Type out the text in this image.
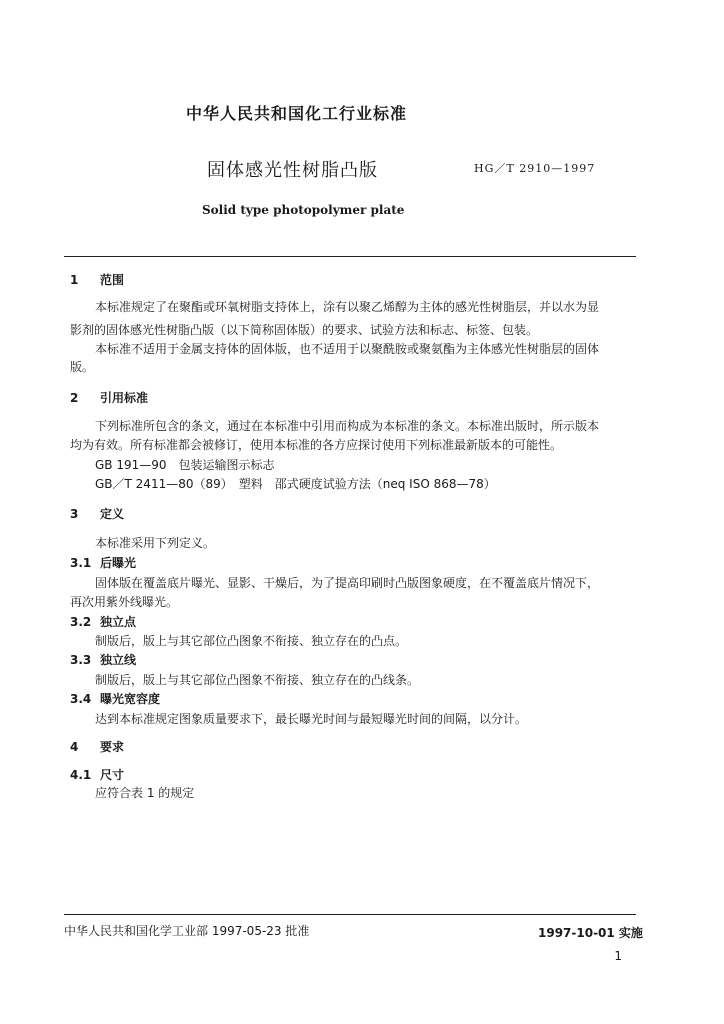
中华人民共和国化工行业标准
固体感光性树脂凸版	HG／T 2910—1997
Solid type photopolymer plate
1 范围
本标准规定了在聚酯或环氧树脂支持体上，涂有以聚乙烯醇为主体的感光性树脂层，并以水为显
影剂的固体感光性树脂凸版（以下简称固体版）的要求、试验方法和标志、标签、包装。
本标准不适用于金属支持体的固体版，也不适用于以聚酰胺或聚氨酯为主体感光性树脂层的固体
版。
2 引用标准
下列标准所包含的条文，通过在本标准中引用而构成为本标准的条文。本标准出版时，所示版本
均为有效。所有标准都会被修订，使用本标准的各方应探讨使用下列标准最新版本的可能性。
GB 191—90　包装运输图示标志
GB／T 2411—80（89）　塑料　邵式硬度试验方法（neq ISO 868—78）
3 定义
本标准采用下列定义。
3.1 后曝光
固体版在覆盖底片曝光、显影、干燥后，为了提高印刷时凸版图象硬度，在不覆盖底片情况下，
再次用紫外线曝光。
3.2 独立点
制版后，版上与其它部位凸图象不衔接、独立存在的凸点。
3.3 独立线
制版后，版上与其它部位凸图象不衔接、独立存在的凸线条。
3.4 曝光宽容度
达到本标准规定图象质量要求下，最长曝光时间与最短曝光时间的间隔，以分计。
4 要求
4.1 尺寸
应符合表 1 的规定
中华人民共和国化学工业部 1997-05-23 批准	1997-10-01 实施
1
